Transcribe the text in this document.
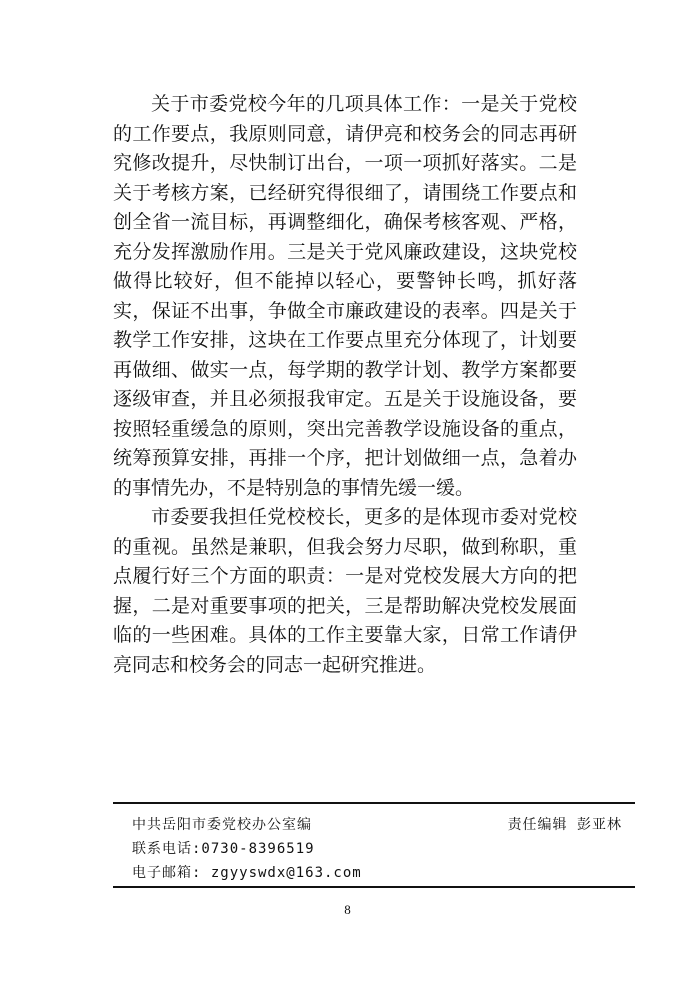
关于市委党校今年的几项具体工作：一是关于党校的工作要点，我原则同意，请伊亮和校务会的同志再研究修改提升，尽快制订出台，一项一项抓好落实。二是关于考核方案，已经研究得很细了，请围绕工作要点和创全省一流目标，再调整细化，确保考核客观、严格，充分发挥激励作用。三是关于党风廉政建设，这块党校做得比较好，但不能掉以轻心，要警钟长鸣，抓好落实，保证不出事，争做全市廉政建设的表率。四是关于教学工作安排，这块在工作要点里充分体现了，计划要再做细、做实一点，每学期的教学计划、教学方案都要逐级审查，并且必须报我审定。五是关于设施设备，要按照轻重缓急的原则，突出完善教学设施设备的重点，统筹预算安排，再排一个序，把计划做细一点，急着办的事情先办，不是特别急的事情先缓一缓。

市委要我担任党校校长，更多的是体现市委对党校的重视。虽然是兼职，但我会努力尽职，做到称职，重点履行好三个方面的职责：一是对党校发展大方向的把握，二是对重要事项的把关，三是帮助解决党校发展面临的一些困难。具体的工作主要靠大家，日常工作请伊亮同志和校务会的同志一起研究推进。

中共岳阳市委党校办公室编	责任编辑 彭亚林
联系电话:0730-8396519
电子邮箱: zgyyswdx@163.com
8
